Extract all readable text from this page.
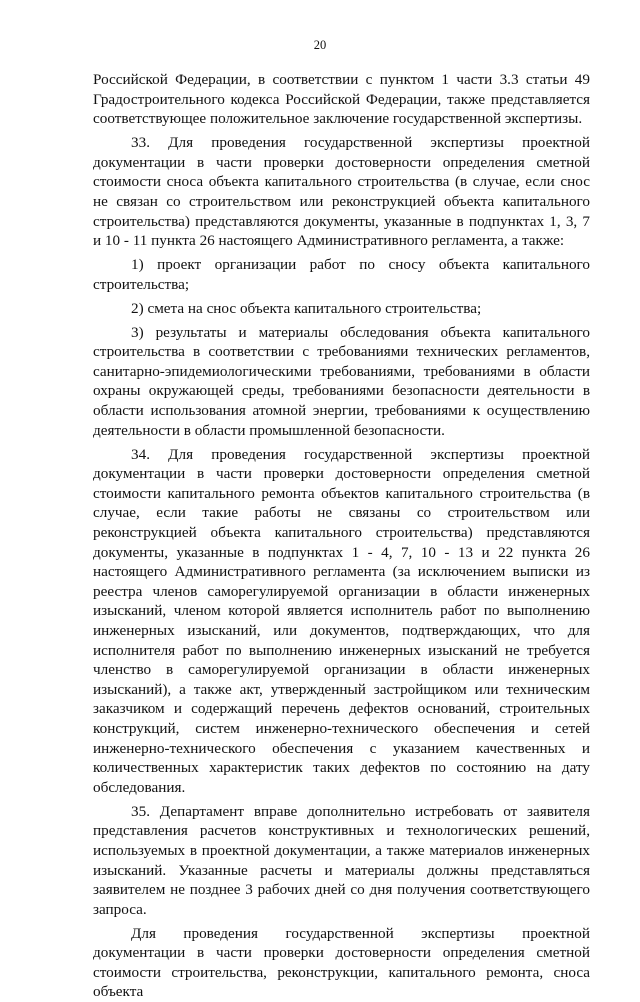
20

Российской Федерации, в соответствии с пунктом 1 части 3.3 статьи 49 Градостроительного кодекса Российской Федерации, также представляется соответствующее положительное заключение государственной экспертизы.

33. Для проведения государственной экспертизы проектной документации в части проверки достоверности определения сметной стоимости сноса объекта капитального строительства (в случае, если снос не связан со строительством или реконструкцией объекта капитального строительства) представляются документы, указанные в подпунктах 1, 3, 7 и 10 - 11 пункта 26 настоящего Административного регламента, а также:

1) проект организации работ по сносу объекта капитального строительства;

2) смета на снос объекта капитального строительства;

3) результаты и материалы обследования объекта капитального строительства в соответствии с требованиями технических регламентов, санитарно-эпидемиологическими требованиями, требованиями в области охраны окружающей среды, требованиями безопасности деятельности в области использования атомной энергии, требованиями к осуществлению деятельности в области промышленной безопасности.

34. Для проведения государственной экспертизы проектной документации в части проверки достоверности определения сметной стоимости капитального ремонта объектов капитального строительства (в случае, если такие работы не связаны со строительством или реконструкцией объекта капитального строительства) представляются документы, указанные в подпунктах 1 - 4, 7, 10 - 13 и 22 пункта 26 настоящего Административного регламента (за исключением выписки из реестра членов саморегулируемой организации в области инженерных изысканий, членом которой является исполнитель работ по выполнению инженерных изысканий, или документов, подтверждающих, что для исполнителя работ по выполнению инженерных изысканий не требуется членство в саморегулируемой организации в области инженерных изысканий), а также акт, утвержденный застройщиком или техническим заказчиком и содержащий перечень дефектов оснований, строительных конструкций, систем инженерно-технического обеспечения и сетей инженерно-технического обеспечения с указанием качественных и количественных характеристик таких дефектов по состоянию на дату обследования.

35. Департамент вправе дополнительно истребовать от заявителя представления расчетов конструктивных и технологических решений, используемых в проектной документации, а также материалов инженерных изысканий. Указанные расчеты и материалы должны представляться заявителем не позднее 3 рабочих дней со дня получения соответствующего запроса.

Для проведения государственной экспертизы проектной документации в части проверки достоверности определения сметной стоимости строительства, реконструкции, капитального ремонта, сноса объекта
